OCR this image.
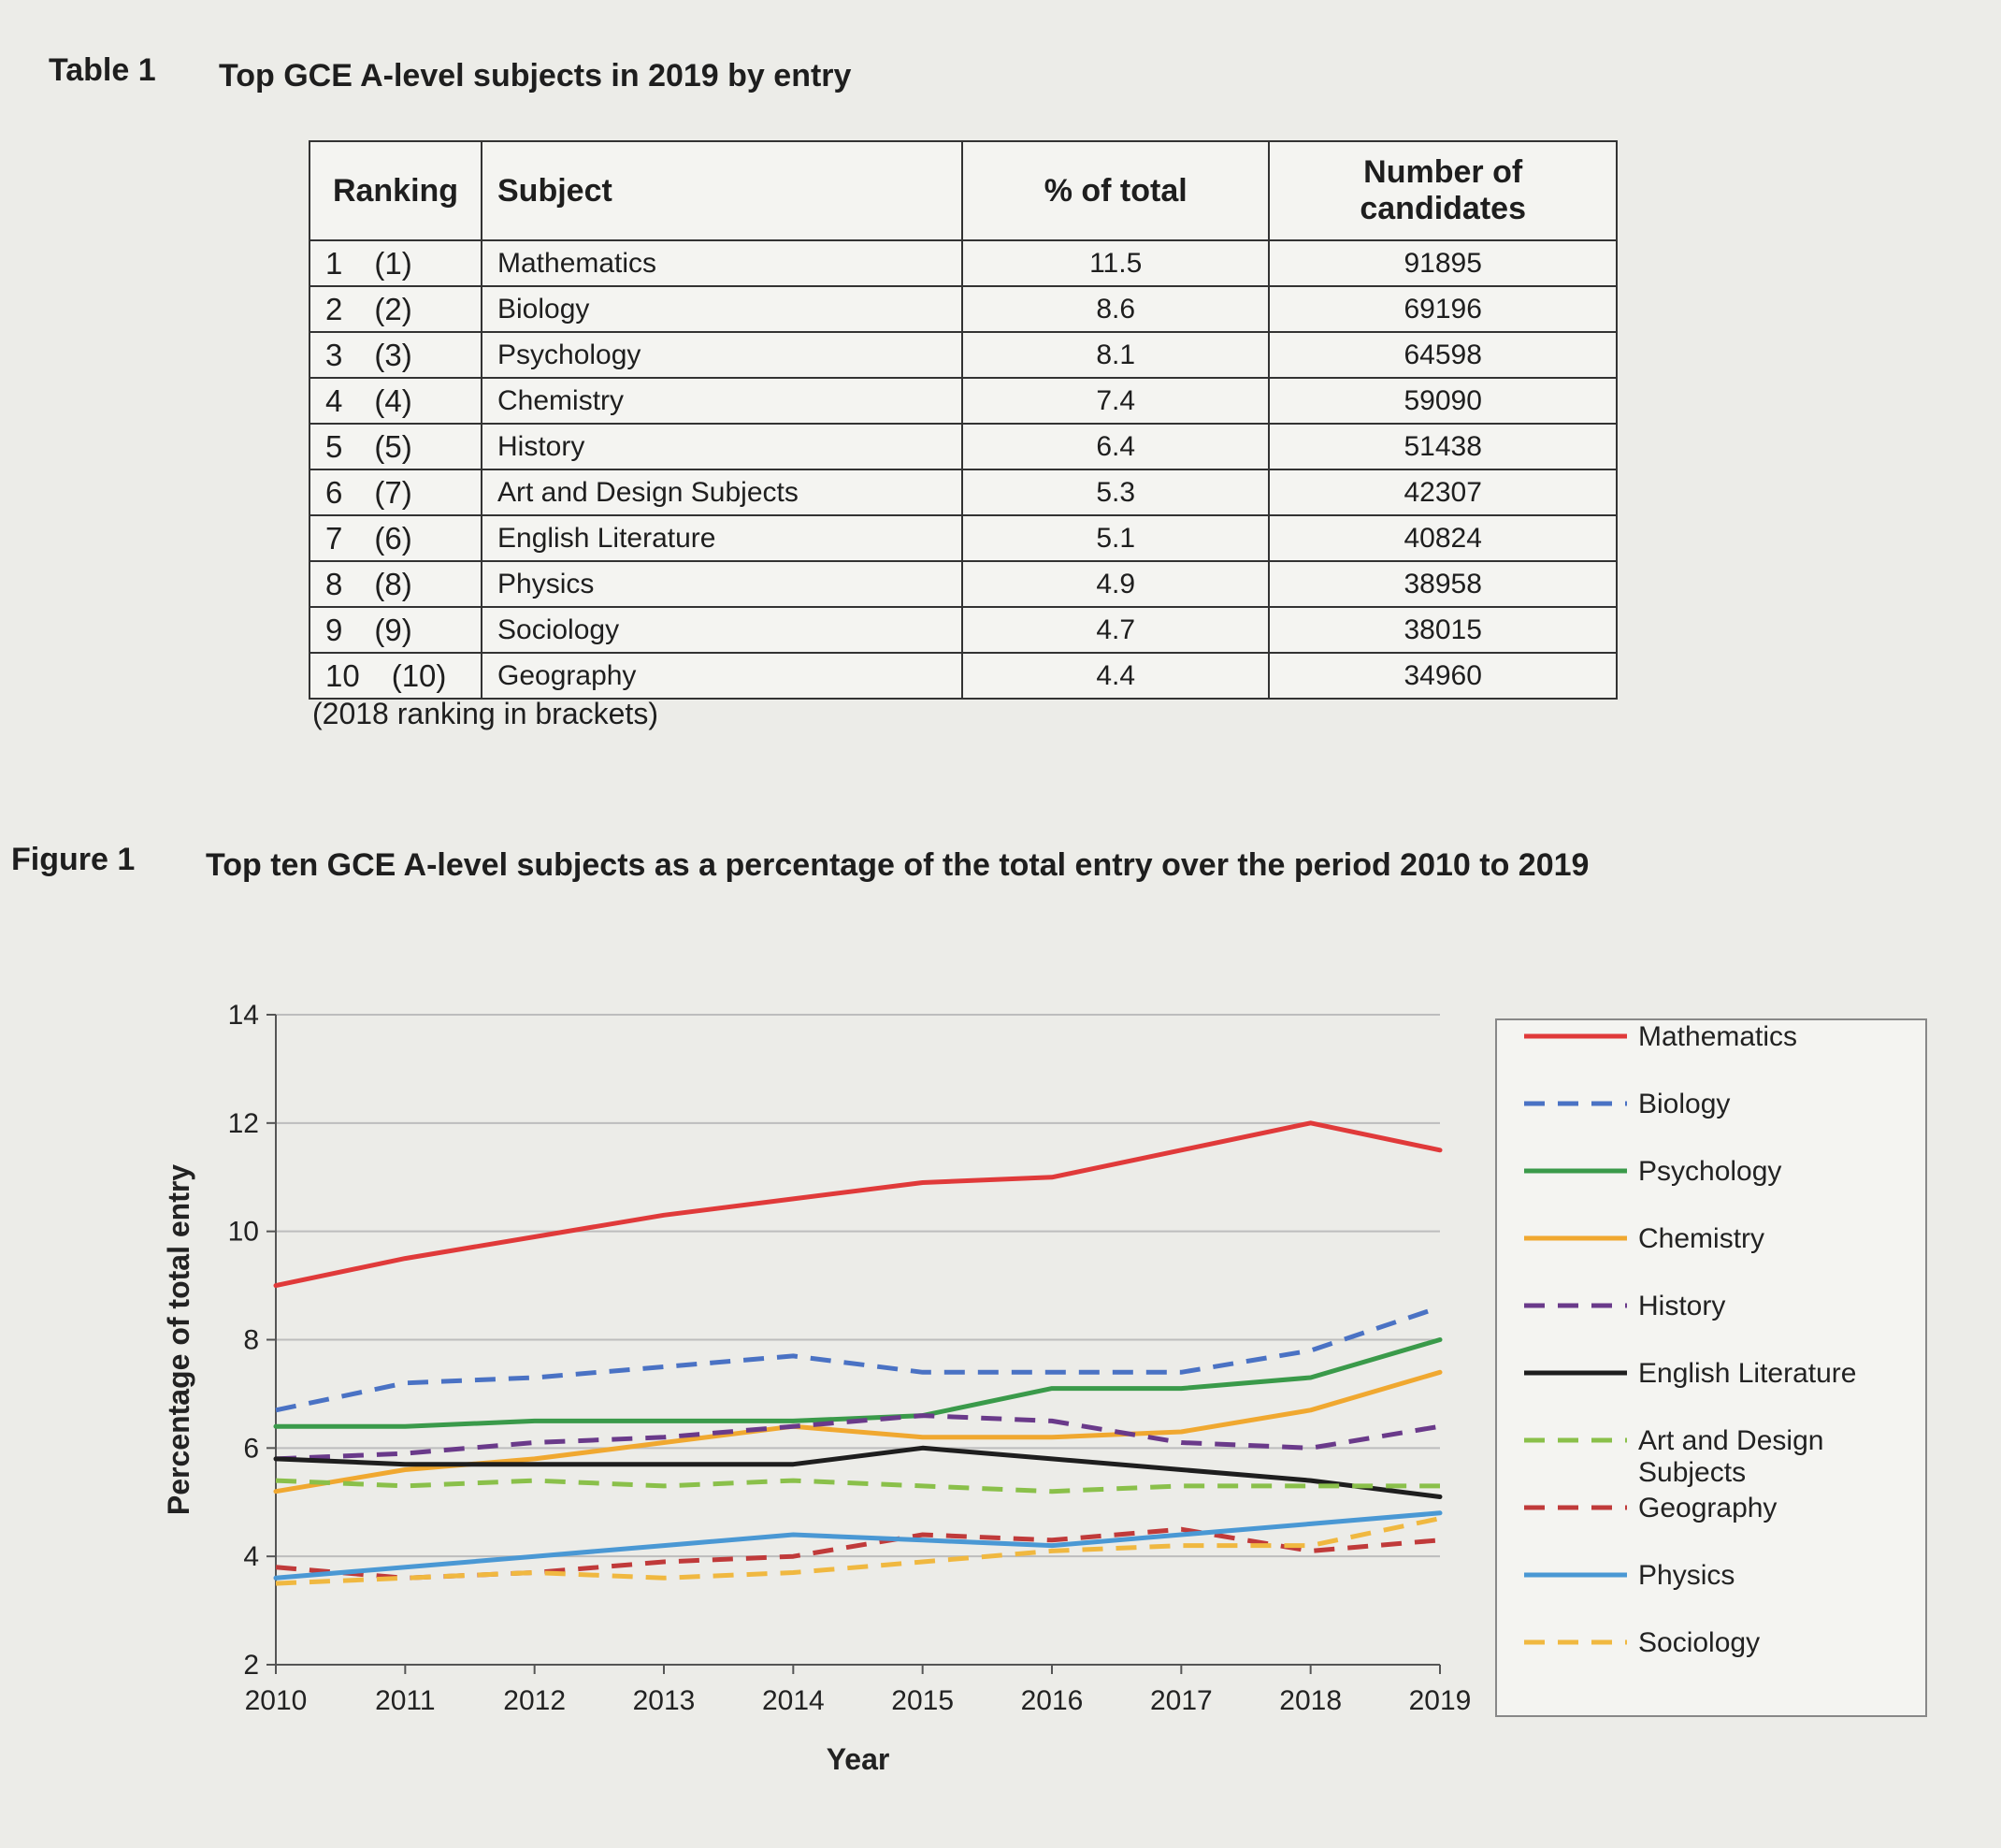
Table 1 Top GCE A-level subjects in 2019 by entry
Ranking	Subject	% of total	Number of
candidates
1 (1)	Mathematics	11.5	91895
2 (2)	Biology	8.6	69196
3 (3)	Psychology	8.1	64598
4 (4)	Chemistry	7.4	59090
5 (5)	History	6.4	51438
6 (7)	Art and Design Subjects	5.3	42307
7 (6)	English Literature	5.1	40824
8 (8)	Physics	4.9	38958
9 (9)	Sociology	4.7	38015
10 (10)	Geography	4.4	34960
(2018 ranking in brackets)
Figure 1 Top ten GCE A-level subjects as a percentage of the total entry over the period 2010 to 2019
2
4
6
8
10
12
14
2010 2011 2012 2013 2014 2015 2016 2017 2018 2019
Year
Percentage of total entry
Mathematics
Biology
Psychology
Chemistry
History
English Literature
Art and Design
Subjects
Geography
Physics
Sociology
